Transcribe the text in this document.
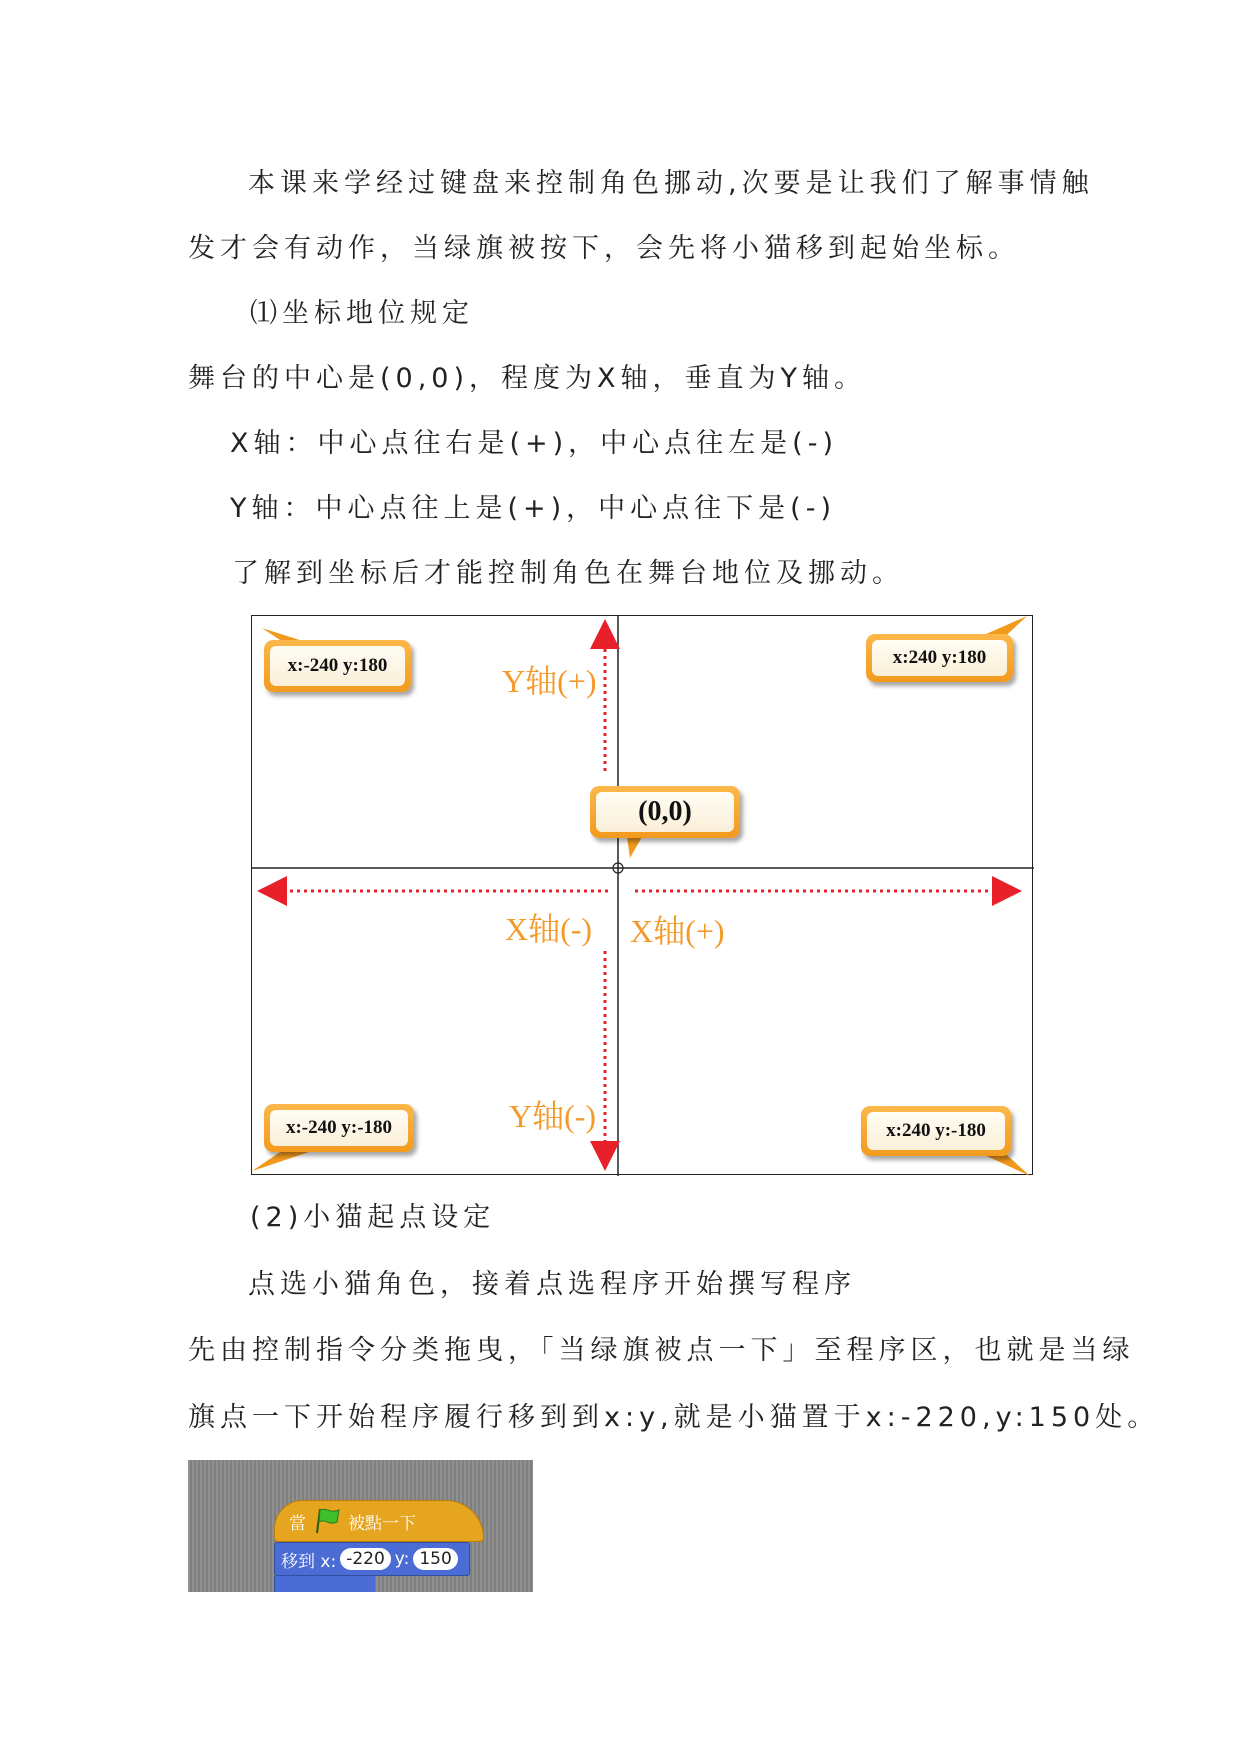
本课来学经过键盘来控制角色挪动,次要是让我们了解事情触
发才会有动作，当绿旗被按下，会先将小猫移到起始坐标。
⑴坐标地位规定
舞台的中心是(0,0)，程度为X轴，垂直为Y轴。
X轴：中心点往右是(+)，中心点往左是(-)
Y轴：中心点往上是(+)，中心点往下是(-)
了解到坐标后才能控制角色在舞台地位及挪动。
Y轴(+)
Y轴(-)
X轴(-) X轴(+)
x:-240 y:180	x:240 y:180
(0,0)
x:-240 y:-180	x:240 y:-180
(2)小猫起点设定
点选小猫角色，接着点选程序开始撰写程序
先由控制指令分类拖曳，「当绿旗被点一下」至程序区，也就是当绿
旗点一下开始程序履行移到到x:y,就是小猫置于x:-220,y:150处。
當 被點一下
移到 x: -220 y: 150
